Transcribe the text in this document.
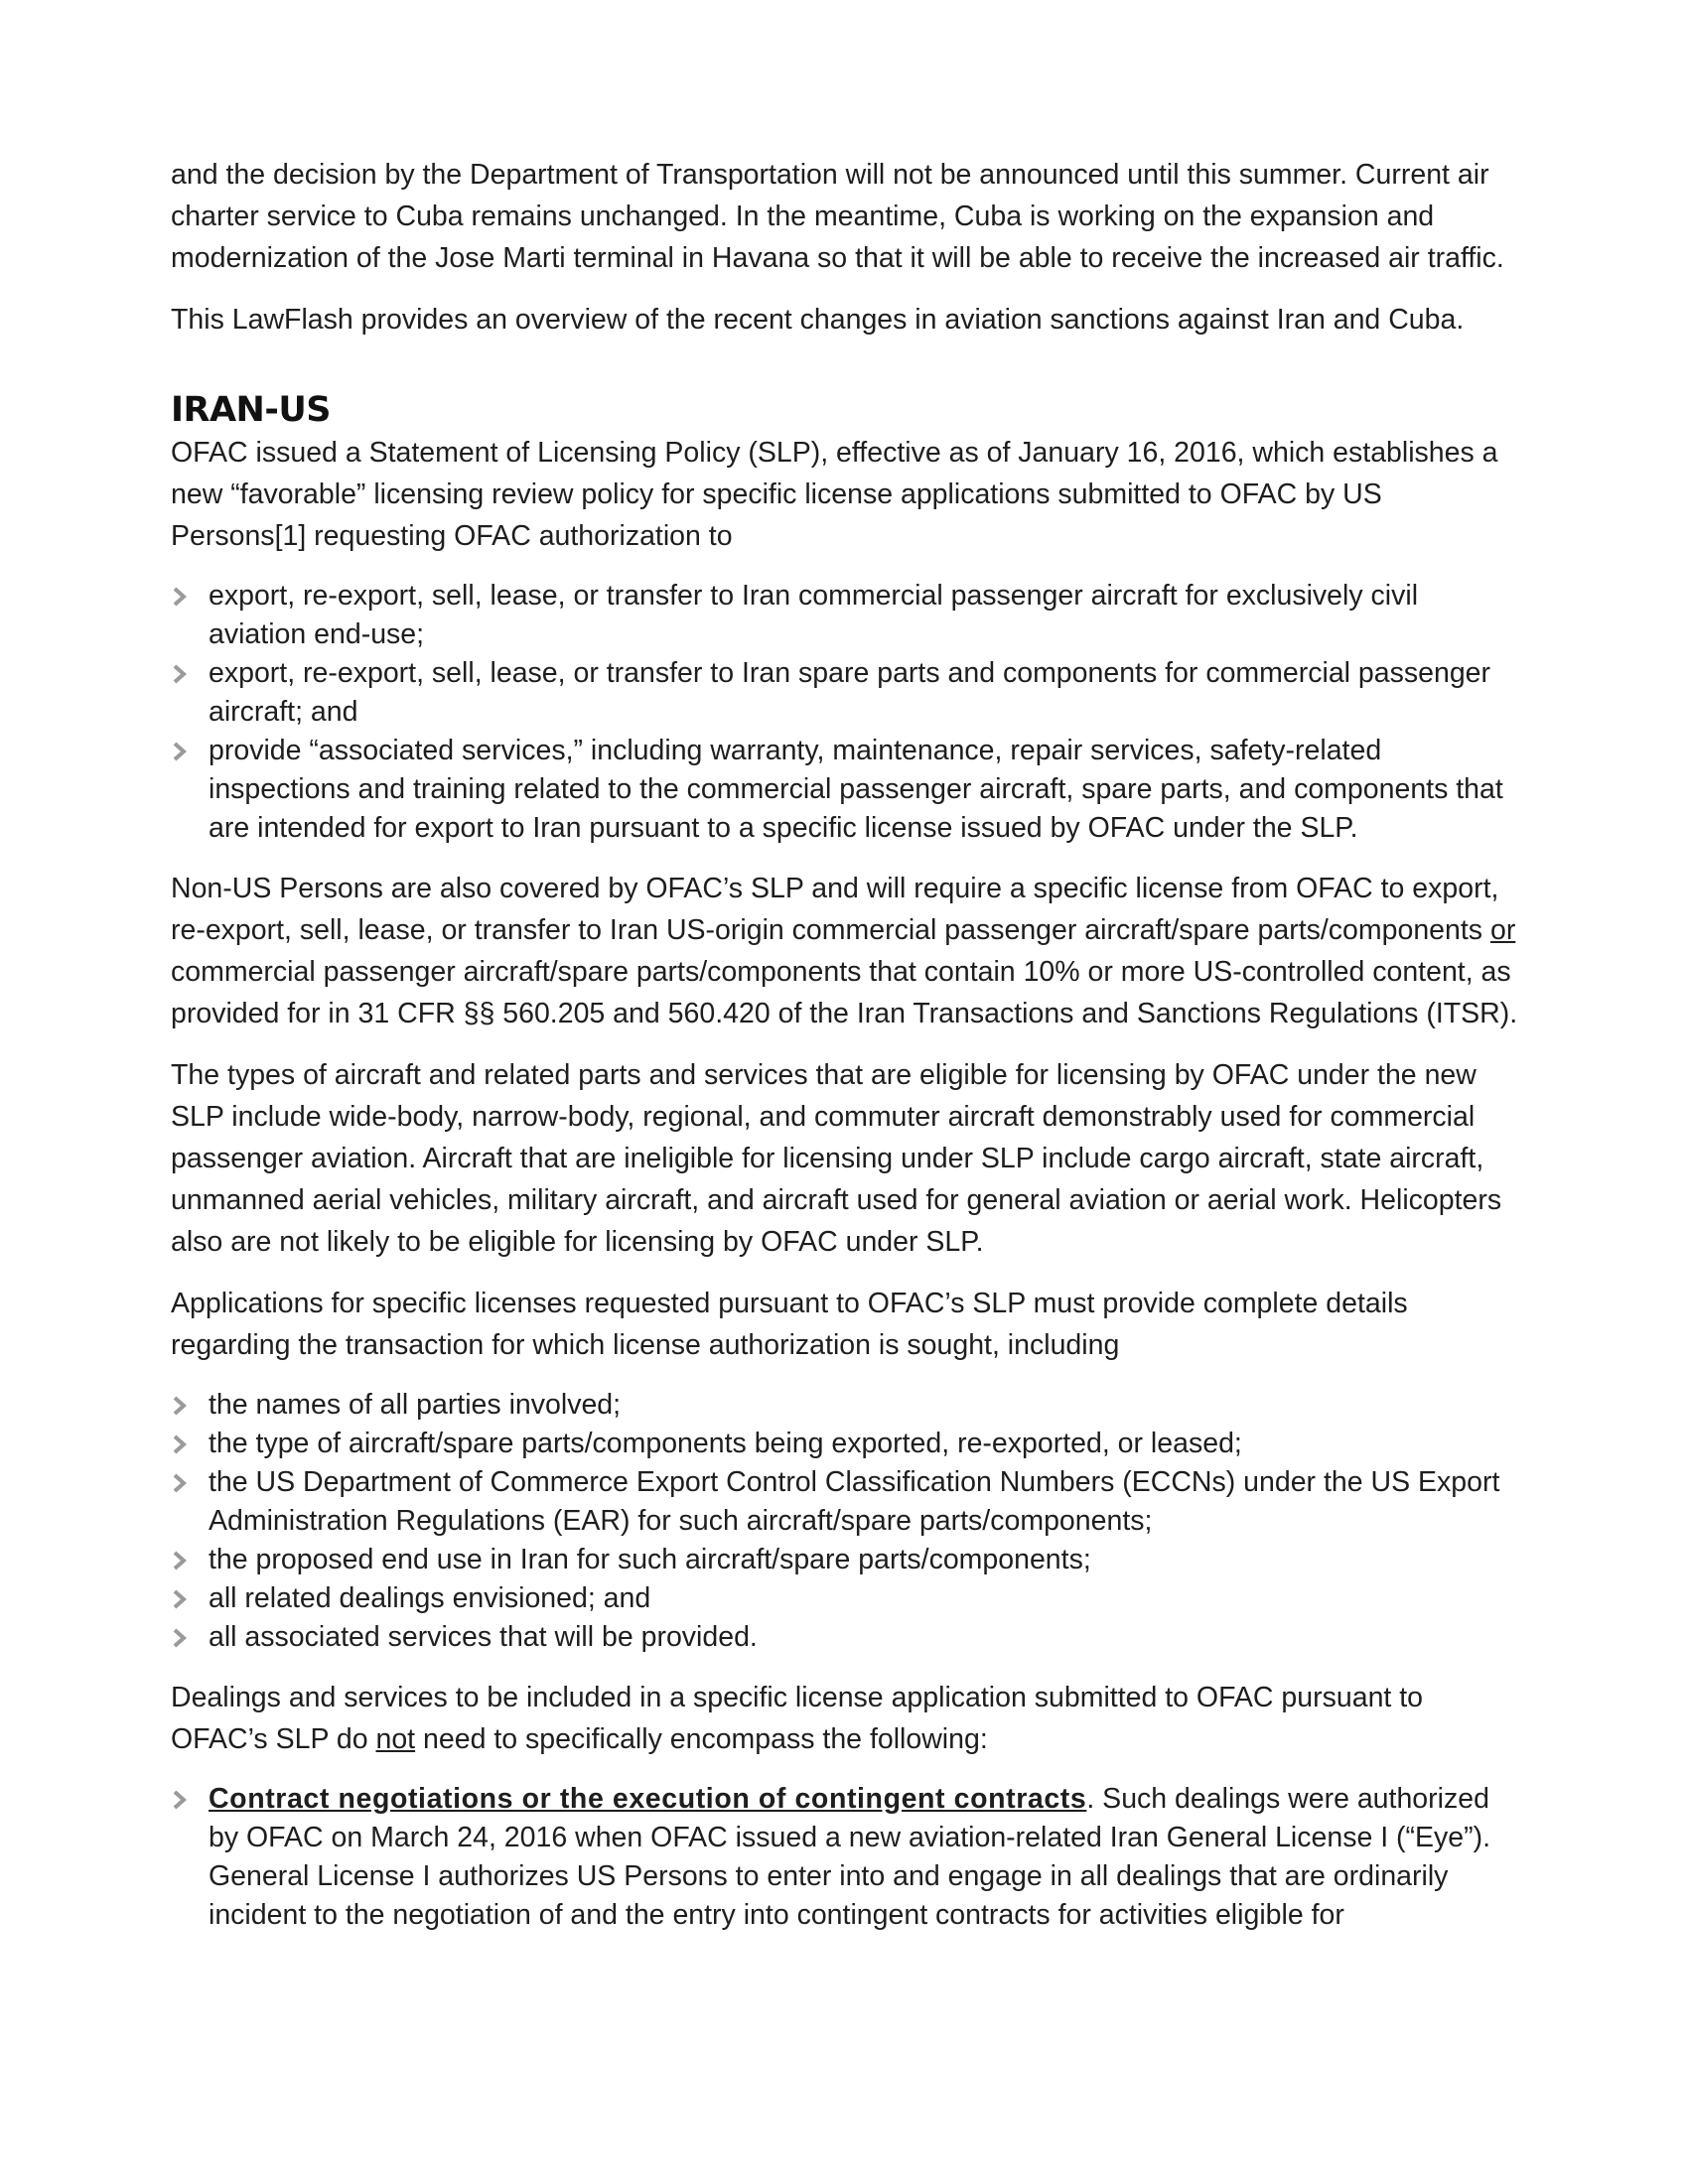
and the decision by the Department of Transportation will not be announced until this summer. Current air charter service to Cuba remains unchanged. In the meantime, Cuba is working on the expansion and modernization of the Jose Marti terminal in Havana so that it will be able to receive the increased air traffic.

This LawFlash provides an overview of the recent changes in aviation sanctions against Iran and Cuba.

IRAN-US

OFAC issued a Statement of Licensing Policy (SLP), effective as of January 16, 2016, which establishes a new “favorable” licensing review policy for specific license applications submitted to OFAC by US Persons[1] requesting OFAC authorization to

export, re-export, sell, lease, or transfer to Iran commercial passenger aircraft for exclusively civil aviation end-use;
export, re-export, sell, lease, or transfer to Iran spare parts and components for commercial passenger aircraft; and
provide “associated services,” including warranty, maintenance, repair services, safety-related inspections and training related to the commercial passenger aircraft, spare parts, and components that are intended for export to Iran pursuant to a specific license issued by OFAC under the SLP.

Non-US Persons are also covered by OFAC’s SLP and will require a specific license from OFAC to export, re-export, sell, lease, or transfer to Iran US-origin commercial passenger aircraft/spare parts/components or commercial passenger aircraft/spare parts/components that contain 10% or more US-controlled content, as provided for in 31 CFR §§ 560.205 and 560.420 of the Iran Transactions and Sanctions Regulations (ITSR).

The types of aircraft and related parts and services that are eligible for licensing by OFAC under the new SLP include wide-body, narrow-body, regional, and commuter aircraft demonstrably used for commercial passenger aviation. Aircraft that are ineligible for licensing under SLP include cargo aircraft, state aircraft, unmanned aerial vehicles, military aircraft, and aircraft used for general aviation or aerial work. Helicopters also are not likely to be eligible for licensing by OFAC under SLP.

Applications for specific licenses requested pursuant to OFAC’s SLP must provide complete details regarding the transaction for which license authorization is sought, including

the names of all parties involved;
the type of aircraft/spare parts/components being exported, re-exported, or leased;
the US Department of Commerce Export Control Classification Numbers (ECCNs) under the US Export Administration Regulations (EAR) for such aircraft/spare parts/components;
the proposed end use in Iran for such aircraft/spare parts/components;
all related dealings envisioned; and
all associated services that will be provided.

Dealings and services to be included in a specific license application submitted to OFAC pursuant to OFAC’s SLP do not need to specifically encompass the following:

Contract negotiations or the execution of contingent contracts. Such dealings were authorized by OFAC on March 24, 2016 when OFAC issued a new aviation-related Iran General License I (“Eye”). General License I authorizes US Persons to enter into and engage in all dealings that are ordinarily incident to the negotiation of and the entry into contingent contracts for activities eligible for
